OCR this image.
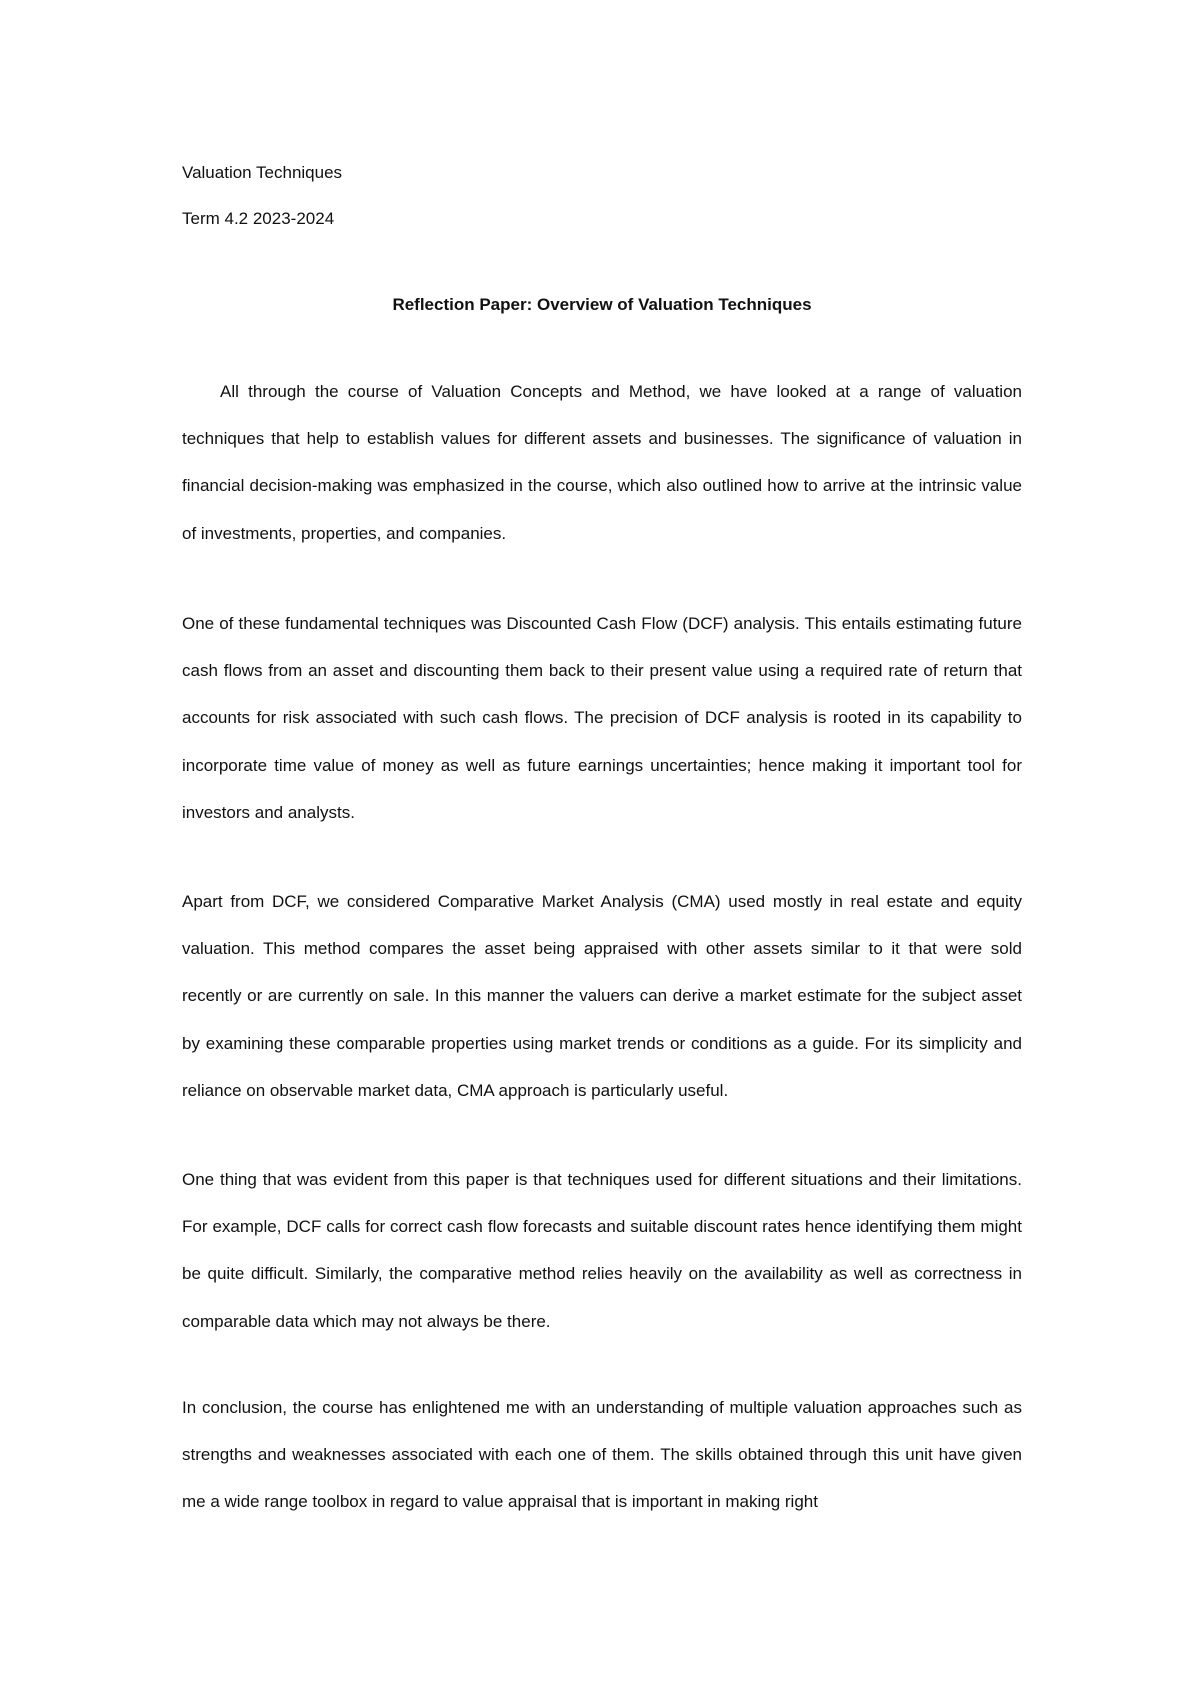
Valuation Techniques
Term 4.2 2023-2024
Reflection Paper: Overview of Valuation Techniques

All through the course of Valuation Concepts and Method, we have looked at a range of valuation techniques that help to establish values for different assets and businesses. The significance of valuation in financial decision-making was emphasized in the course, which also outlined how to arrive at the intrinsic value of investments, properties, and companies.

One of these fundamental techniques was Discounted Cash Flow (DCF) analysis. This entails estimating future cash flows from an asset and discounting them back to their present value using a required rate of return that accounts for risk associated with such cash flows. The precision of DCF analysis is rooted in its capability to incorporate time value of money as well as future earnings uncertainties; hence making it important tool for investors and analysts.

Apart from DCF, we considered Comparative Market Analysis (CMA) used mostly in real estate and equity valuation. This method compares the asset being appraised with other assets similar to it that were sold recently or are currently on sale. In this manner the valuers can derive a market estimate for the subject asset by examining these comparable properties using market trends or conditions as a guide. For its simplicity and reliance on observable market data, CMA approach is particularly useful.

One thing that was evident from this paper is that techniques used for different situations and their limitations. For example, DCF calls for correct cash flow forecasts and suitable discount rates hence identifying them might be quite difficult. Similarly, the comparative method relies heavily on the availability as well as correctness in comparable data which may not always be there.

In conclusion, the course has enlightened me with an understanding of multiple valuation approaches such as strengths and weaknesses associated with each one of them. The skills obtained through this unit have given me a wide range toolbox in regard to value appraisal that is important in making right
